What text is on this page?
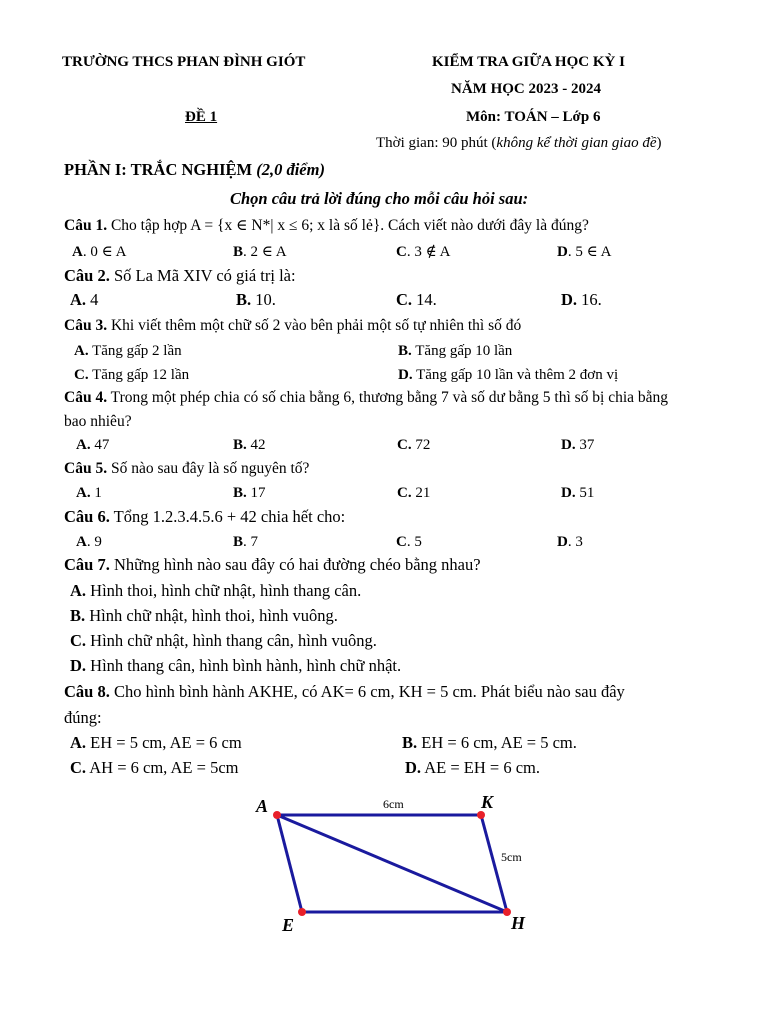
TRƯỜNG THCS PHAN ĐÌNH GIÓT	KIỂM TRA GIỮA HỌC KỲ I
NĂM HỌC 2023 - 2024
ĐỀ 1	Môn: TOÁN – Lớp 6
Thời gian: 90 phút (không kể thời gian giao đề)
PHẦN I: TRẮC NGHIỆM (2,0 điểm)
Chọn câu trả lời đúng cho mỗi câu hỏi sau:
Câu 1. Cho tập hợp A = {x ∈ N*| x ≤ 6; x là số lẻ}. Cách viết nào dưới đây là đúng?
A. 0 ∈ A	B. 2 ∈ A	C. 3 ∉ A	D. 5 ∈ A
Câu 2. Số La Mã XIV có giá trị là:
A. 4	B. 10.	C. 14.	D. 16.
Câu 3. Khi viết thêm một chữ số 2 vào bên phải một số tự nhiên thì số đó
A. Tăng gấp 2 lần	B. Tăng gấp 10 lần
C. Tăng gấp 12 lần	D. Tăng gấp 10 lần và thêm 2 đơn vị
Câu 4. Trong một phép chia có số chia bằng 6, thương bằng 7 và số dư bằng 5 thì số bị chia bằng
bao nhiêu?
A. 47	B. 42	C. 72	D. 37
Câu 5. Số nào sau đây là số nguyên tố?
A. 1	B. 17	C. 21	D. 51
Câu 6. Tổng 1.2.3.4.5.6 + 42 chia hết cho:
A. 9	B. 7	C. 5	D. 3
Câu 7. Những hình nào sau đây có hai đường chéo bằng nhau?
A. Hình thoi, hình chữ nhật, hình thang cân.
B. Hình chữ nhật, hình thoi, hình vuông.
C. Hình chữ nhật, hình thang cân, hình vuông.
D. Hình thang cân, hình bình hành, hình chữ nhật.
Câu 8. Cho hình bình hành AKHE, có AK= 6 cm, KH = 5 cm. Phát biểu nào sau đây
đúng:
A. EH = 5 cm, AE = 6 cm	B. EH = 6 cm, AE = 5 cm.
C. AH = 6 cm, AE = 5cm	D. AE = EH = 6 cm.
A	K
H
E
6cm
5cm
